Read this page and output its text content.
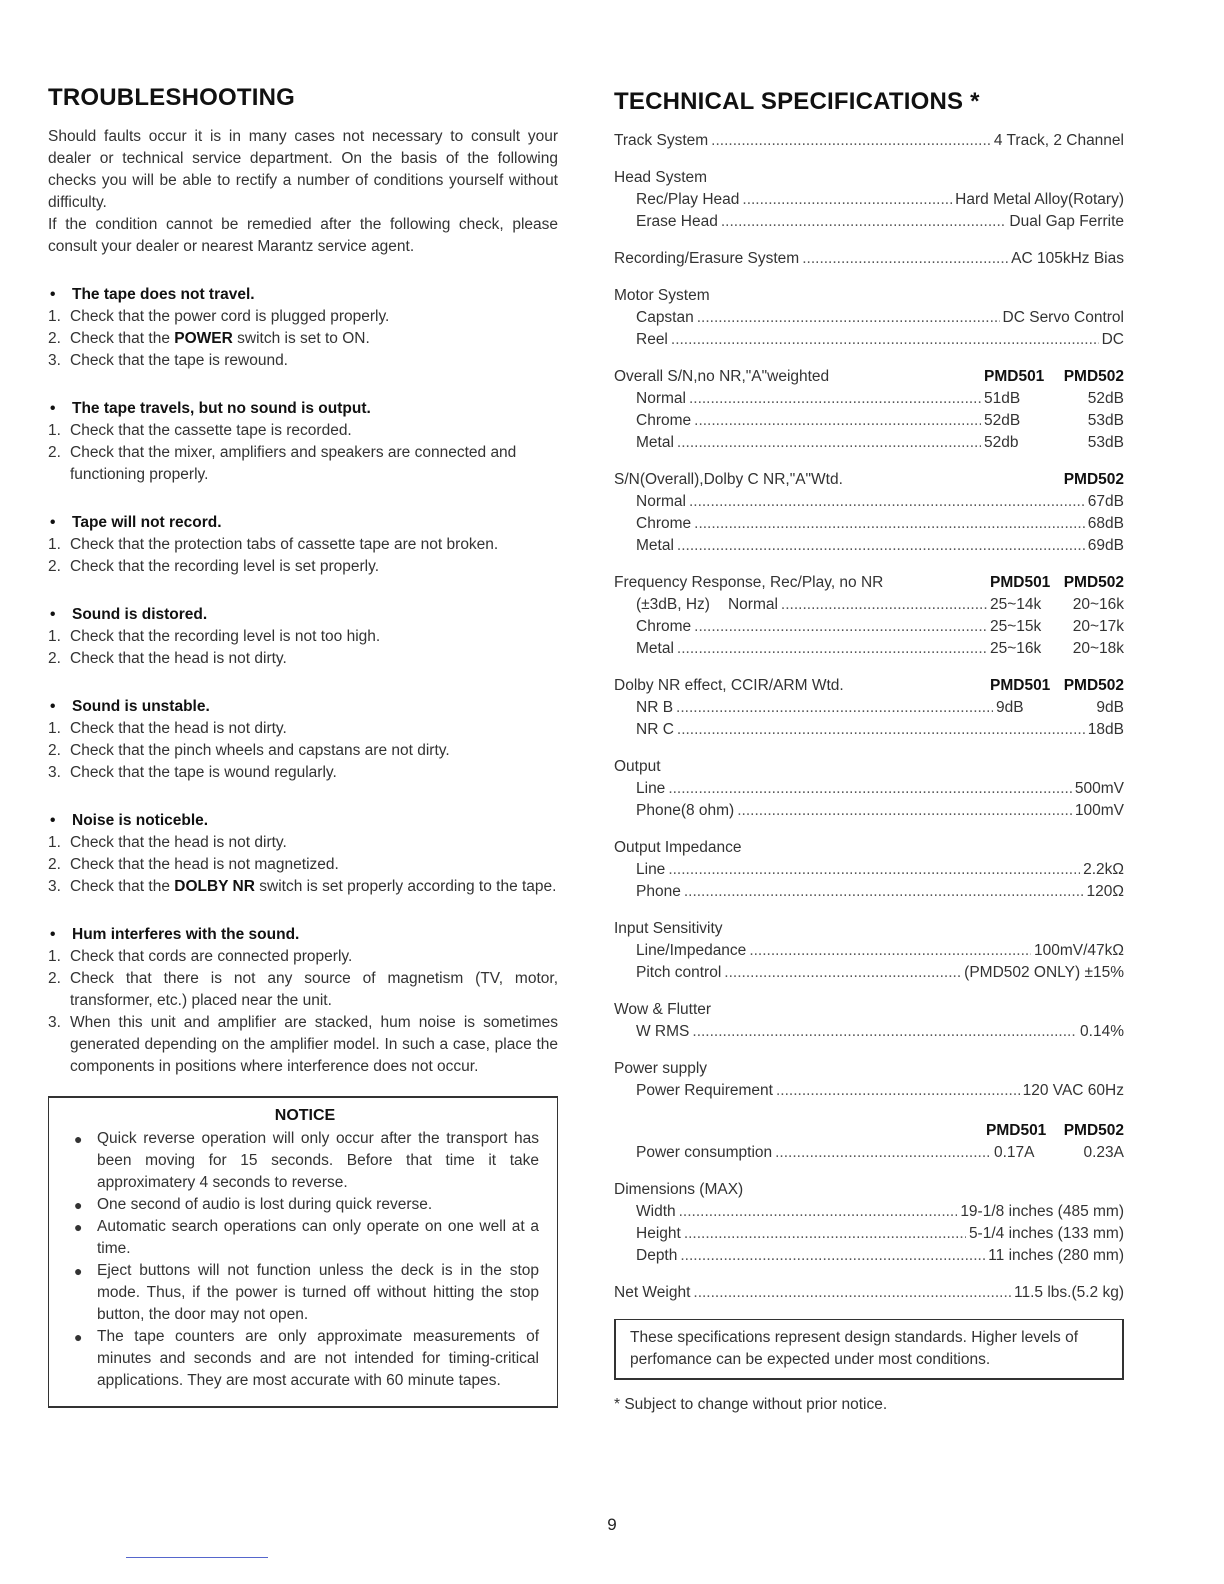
TROUBLESHOOTING

Should faults occur it is in many cases not necessary to consult your dealer or technical service department. On the basis of the following checks you will be able to rectify a number of conditions yourself without difficulty.

If the condition cannot be remedied after the following check, please consult your dealer or nearest Marantz service agent.

• The tape does not travel.
1. Check that the power cord is plugged properly.
2. Check that the POWER switch is set to ON.
3. Check that the tape is rewound.
• The tape travels, but no sound is output.
1. Check that the cassette tape is recorded.
2. Check that the mixer, amplifiers and speakers are connected and functioning properly.
• Tape will not record.
1. Check that the protection tabs of cassette tape are not broken.
2. Check that the recording level is set properly.
• Sound is distored.
1. Check that the recording level is not too high.
2. Check that the head is not dirty.
• Sound is unstable.
1. Check that the head is not dirty.
2. Check that the pinch wheels and capstans are not dirty.
3. Check that the tape is wound regularly.
• Noise is noticeble.
1. Check that the head is not dirty.
2. Check that the head is not magnetized.
3. Check that the DOLBY NR switch is set properly according to the tape.
• Hum interferes with the sound.
1. Check that cords are connected properly.
2. Check that there is not any source of magnetism (TV, motor, transformer, etc.) placed near the unit.
3. When this unit and amplifier are stacked, hum noise is sometimes generated depending on the amplifier model. In such a case, place the components in positions where interference does not occur.
NOTICE
● Quick reverse operation will only occur after the transport has been moving for 15 seconds. Before that time it take approximatery 4 seconds to reverse.
● One second of audio is lost during quick reverse.
● Automatic search operations can only operate on one well at a time.
● Eject buttons will not function unless the deck is in the stop mode. Thus, if the power is turned off without hitting the stop button, the door may not open.
● The tape counters are only approximate measurements of minutes and seconds and are not intended for timing-critical applications. They are most accurate with 60 minute tapes.
TECHNICAL SPECIFICATIONS *
Track System .....	4 Track, 2 Channel
Head System
Rec/Play Head .....	Hard Metal Alloy(Rotary)
Erase Head .....	Dual Gap Ferrite
Recording/Erasure System .....	AC 105kHz Bias
Motor System
Capstan .....	DC Servo Control
Reel .....	DC
Overall S/N,no NR,"A"weighted	PMD501	PMD502
Normal .....	51dB	52dB
Chrome .....	52dB	53dB
Metal .....	52db	53dB
S/N(Overall),Dolby C NR,"A"Wtd.	PMD502
Normal .....	67dB
Chrome .....	68dB
Metal .....	69dB
Frequency Response, Rec/Play, no NR	PMD501 PMD502
(±3dB, Hz) Normal .....	25~14k	20~16k
Chrome .....	25~15k	20~17k
Metal .....	25~16k	20~18k
Dolby NR effect, CCIR/ARM Wtd.	PMD501 PMD502
NR B .....	9dB	9dB
NR C .....	18dB
Output
Line .....	500mV
Phone(8 ohm) .....	100mV
Output Impedance
Line .....	2.2kΩ
Phone .....	120Ω
Input Sensitivity
Line/Impedance .....	100mV/47kΩ
Pitch control .....	(PMD502 ONLY) ±15%
Wow & Flutter
W RMS .....	0.14%
Power supply
Power Requirement .....	120 VAC 60Hz
PMD501	PMD502
Power consumption .....	0.17A	0.23A
Dimensions (MAX)
Width .....	19-1/8 inches (485 mm)
Height .....	5-1/4 inches (133 mm)
Depth .....	11 inches (280 mm)
Net Weight .....	11.5 lbs.(5.2 kg)
These specifications represent design standards. Higher levels of perfomance can be expected under most conditions.
* Subject to change without prior notice.
9
